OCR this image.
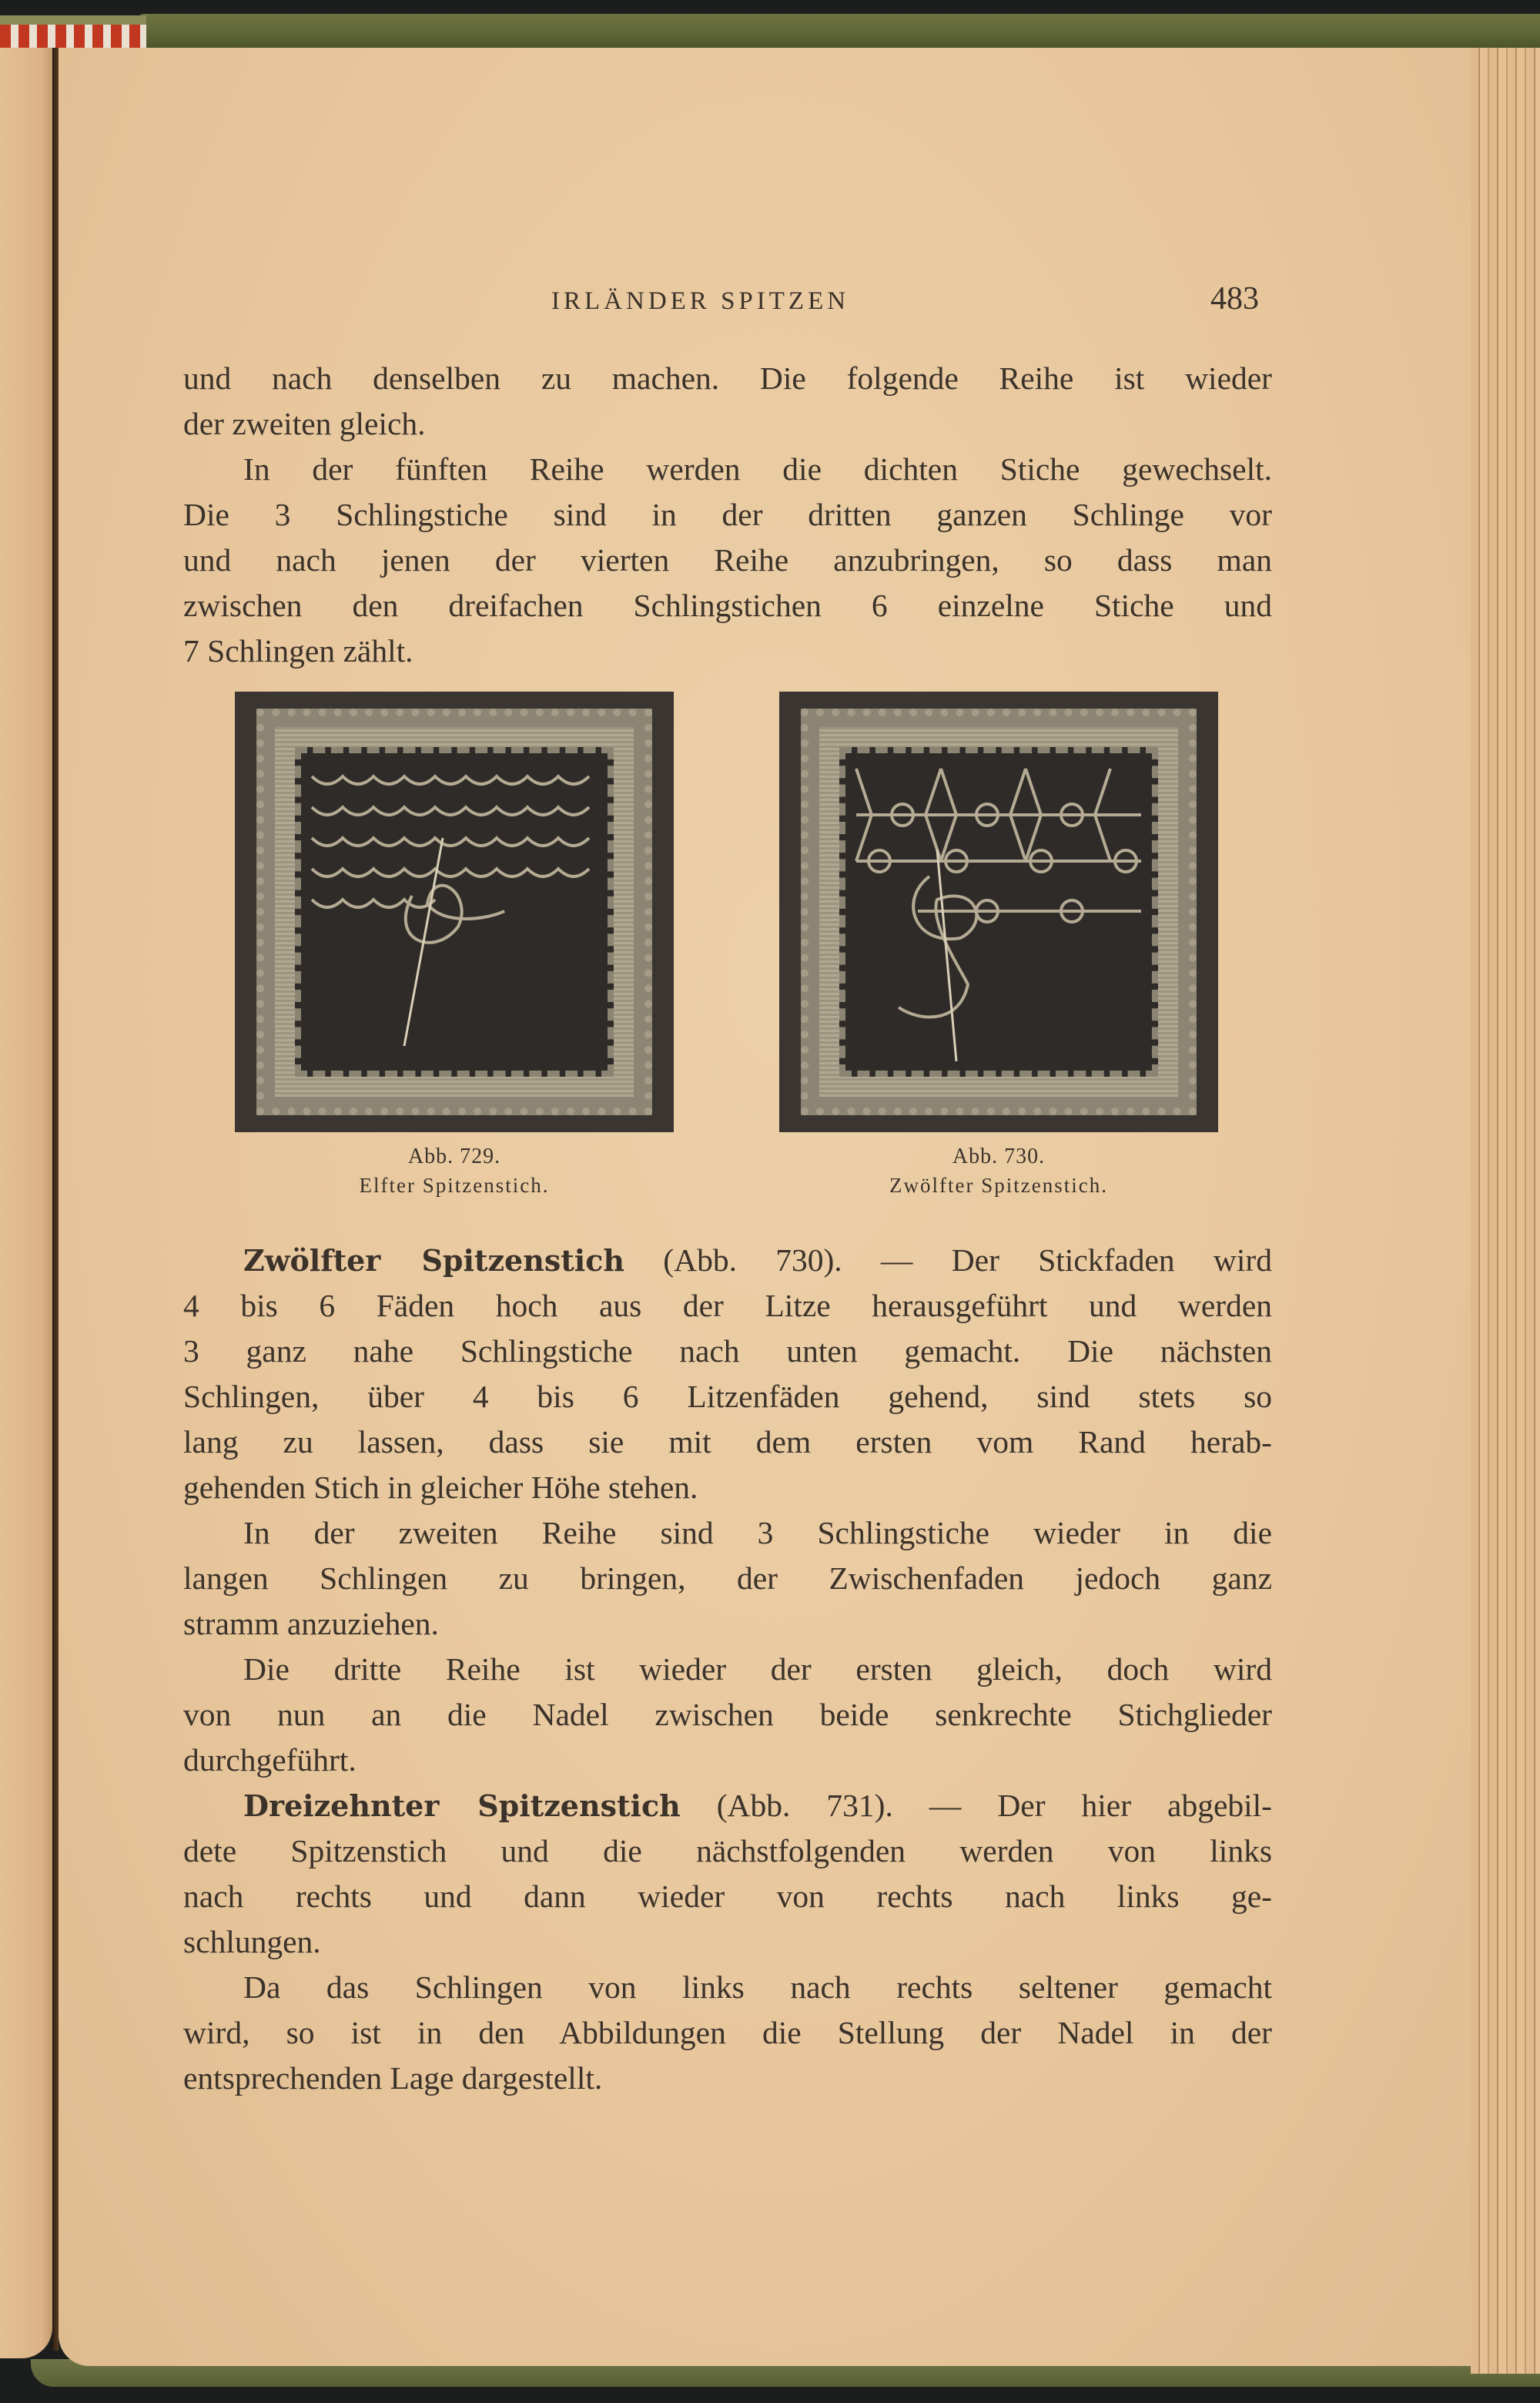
IRLÄNDER SPITZEN	483

und nach denselben zu machen. Die folgende Reihe ist wieder
der zweiten gleich.

In der fünften Reihe werden die dichten Stiche gewechselt.
Die 3 Schlingstiche sind in der dritten ganzen Schlinge vor
und nach jenen der vierten Reihe anzubringen, so dass man
zwischen den dreifachen Schlingstichen 6 einzelne Stiche und
7 Schlingen zählt.

Abb. 729.
Elfter Spitzenstich.
Abb. 730.
Zwölfter Spitzenstich.

Zwölfter Spitzenstich (Abb. 730). — Der Stickfaden wird
4 bis 6 Fäden hoch aus der Litze herausgeführt und werden
3 ganz nahe Schlingstiche nach unten gemacht. Die nächsten
Schlingen, über 4 bis 6 Litzenfäden gehend, sind stets so
lang zu lassen, dass sie mit dem ersten vom Rand herab-
gehenden Stich in gleicher Höhe stehen.

In der zweiten Reihe sind 3 Schlingstiche wieder in die
langen Schlingen zu bringen, der Zwischenfaden jedoch ganz
stramm anzuziehen.

Die dritte Reihe ist wieder der ersten gleich, doch wird
von nun an die Nadel zwischen beide senkrechte Stichglieder
durchgeführt.

Dreizehnter Spitzenstich (Abb. 731). — Der hier abgebil-
dete Spitzenstich und die nächstfolgenden werden von links
nach rechts und dann wieder von rechts nach links ge-
schlungen.

Da das Schlingen von links nach rechts seltener gemacht
wird, so ist in den Abbildungen die Stellung der Nadel in der
entsprechenden Lage dargestellt.
